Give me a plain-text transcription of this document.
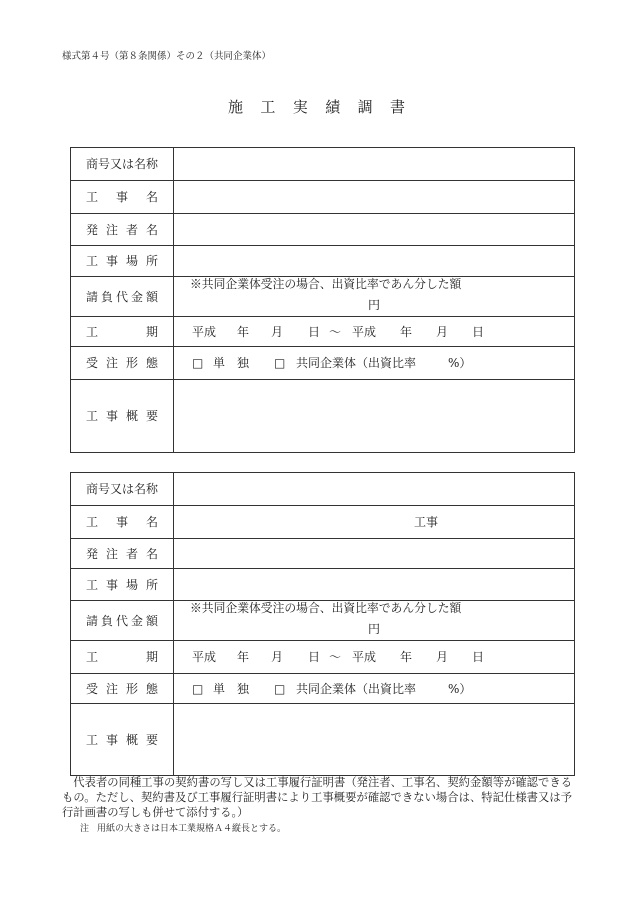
様式第４号（第８条関係）その２（共同企業体）
施工実績調書
商号又は名称
工事名
発注者名
工事場所
請負代金額
※共同企業体受注の場合、出資比率であん分した額
円
工期	平成 年 月 日 ～ 平成 年 月 日
受注形態	□ 単独 □ 共同企業体（出資比率	%）
工事概要
商号又は名称
工事名	工事
発注者名
工事場所
請負代金額
※共同企業体受注の場合、出資比率であん分した額
円
工期	平成 年 月 日 ～ 平成 年 月 日
受注形態	□ 単独 □ 共同企業体（出資比率	%）
工事概要
代表者の同種工事の契約書の写し又は工事履行証明書（発注者、工事名、契約金額等が確認できるもの。ただし、契約書及び工事履行証明書により工事概要が確認できない場合は、特記仕様書又は予行計画書の写しも併せて添付する。）
注 用紙の大きさは日本工業規格Ａ４縦長とする。
